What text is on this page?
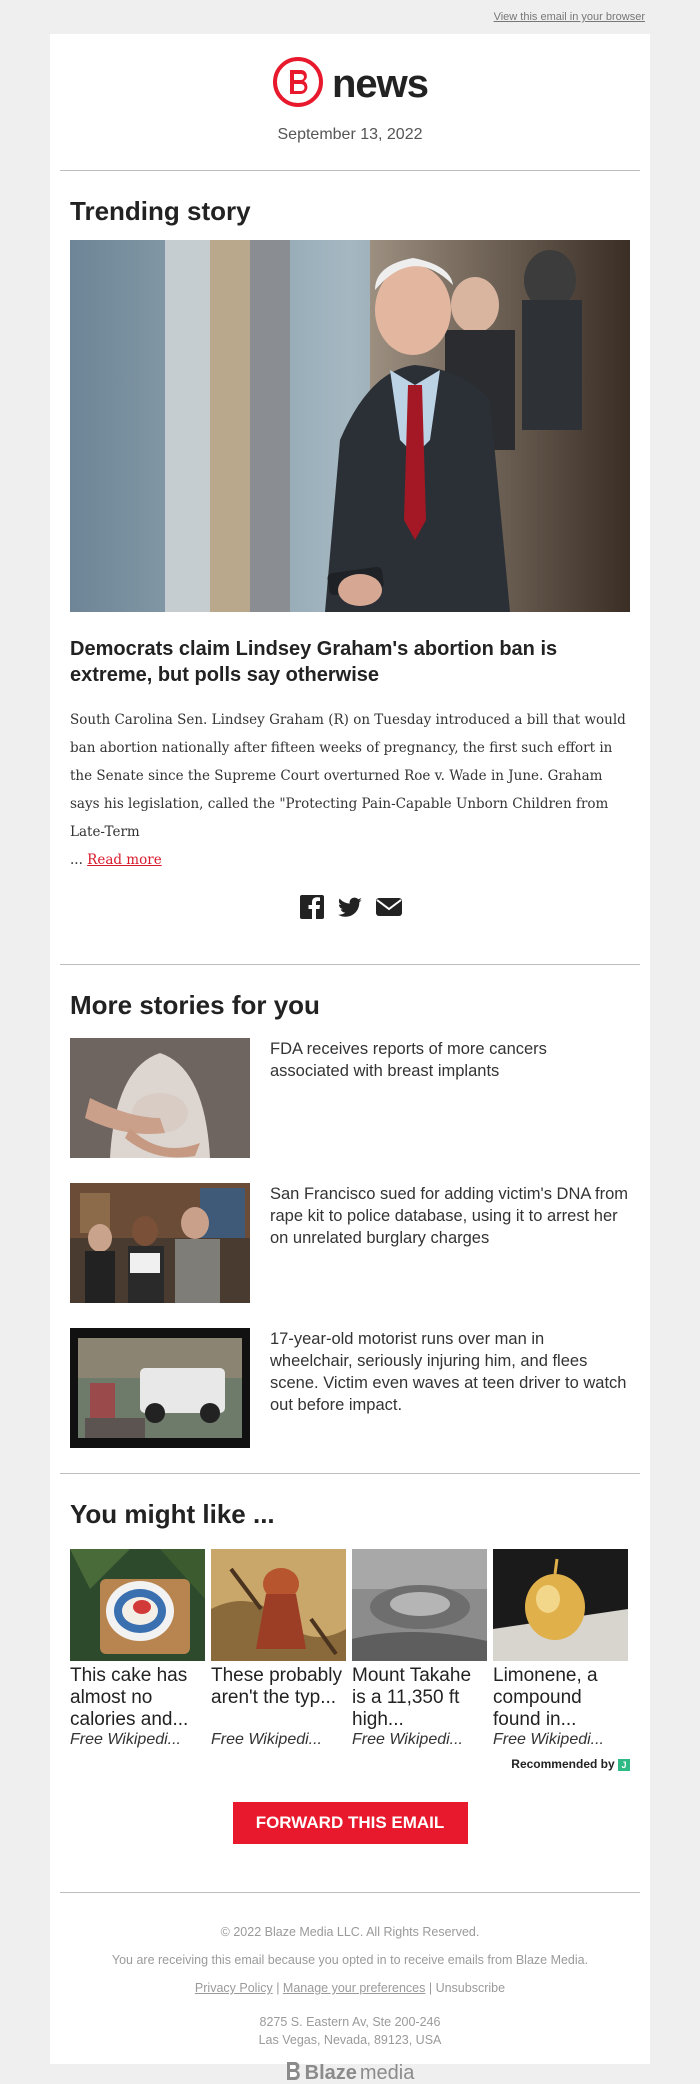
View this email in your browser
news
September 13, 2022
Trending story
Democrats claim Lindsey Graham's abortion ban is extreme, but polls say otherwise
South Carolina Sen. Lindsey Graham (R) on Tuesday introduced a bill that would ban abortion nationally after fifteen weeks of pregnancy, the first such effort in the Senate since the Supreme Court overturned Roe v. Wade in June. Graham says his legislation, called the "Protecting Pain-Capable Unborn Children from Late-Term
... Read more
More stories for you
FDA receives reports of more cancers associated with breast implants
San Francisco sued for adding victim's DNA from rape kit to police database, using it to arrest her on unrelated burglary charges
17-year-old motorist runs over man in wheelchair, seriously injuring him, and flees scene. Victim even waves at teen driver to watch out before impact.
You might like ...
This cake has almost no calories and...
Free Wikipedi...
These probably aren't the typ...
Free Wikipedi...
Mount Takahe is a 11,350 ft high...
Free Wikipedi...
Limonene, a compound found in...
Free Wikipedi...
Recommended by J
FORWARD THIS EMAIL

© 2022 Blaze Media LLC. All Rights Reserved.

You are receiving this email because you opted in to receive emails from Blaze Media.

Privacy Policy | Manage your preferences | Unsubscribe

8275 S. Eastern Av, Ste 200-246
Las Vegas, Nevada, 89123, USA
Blaze media
